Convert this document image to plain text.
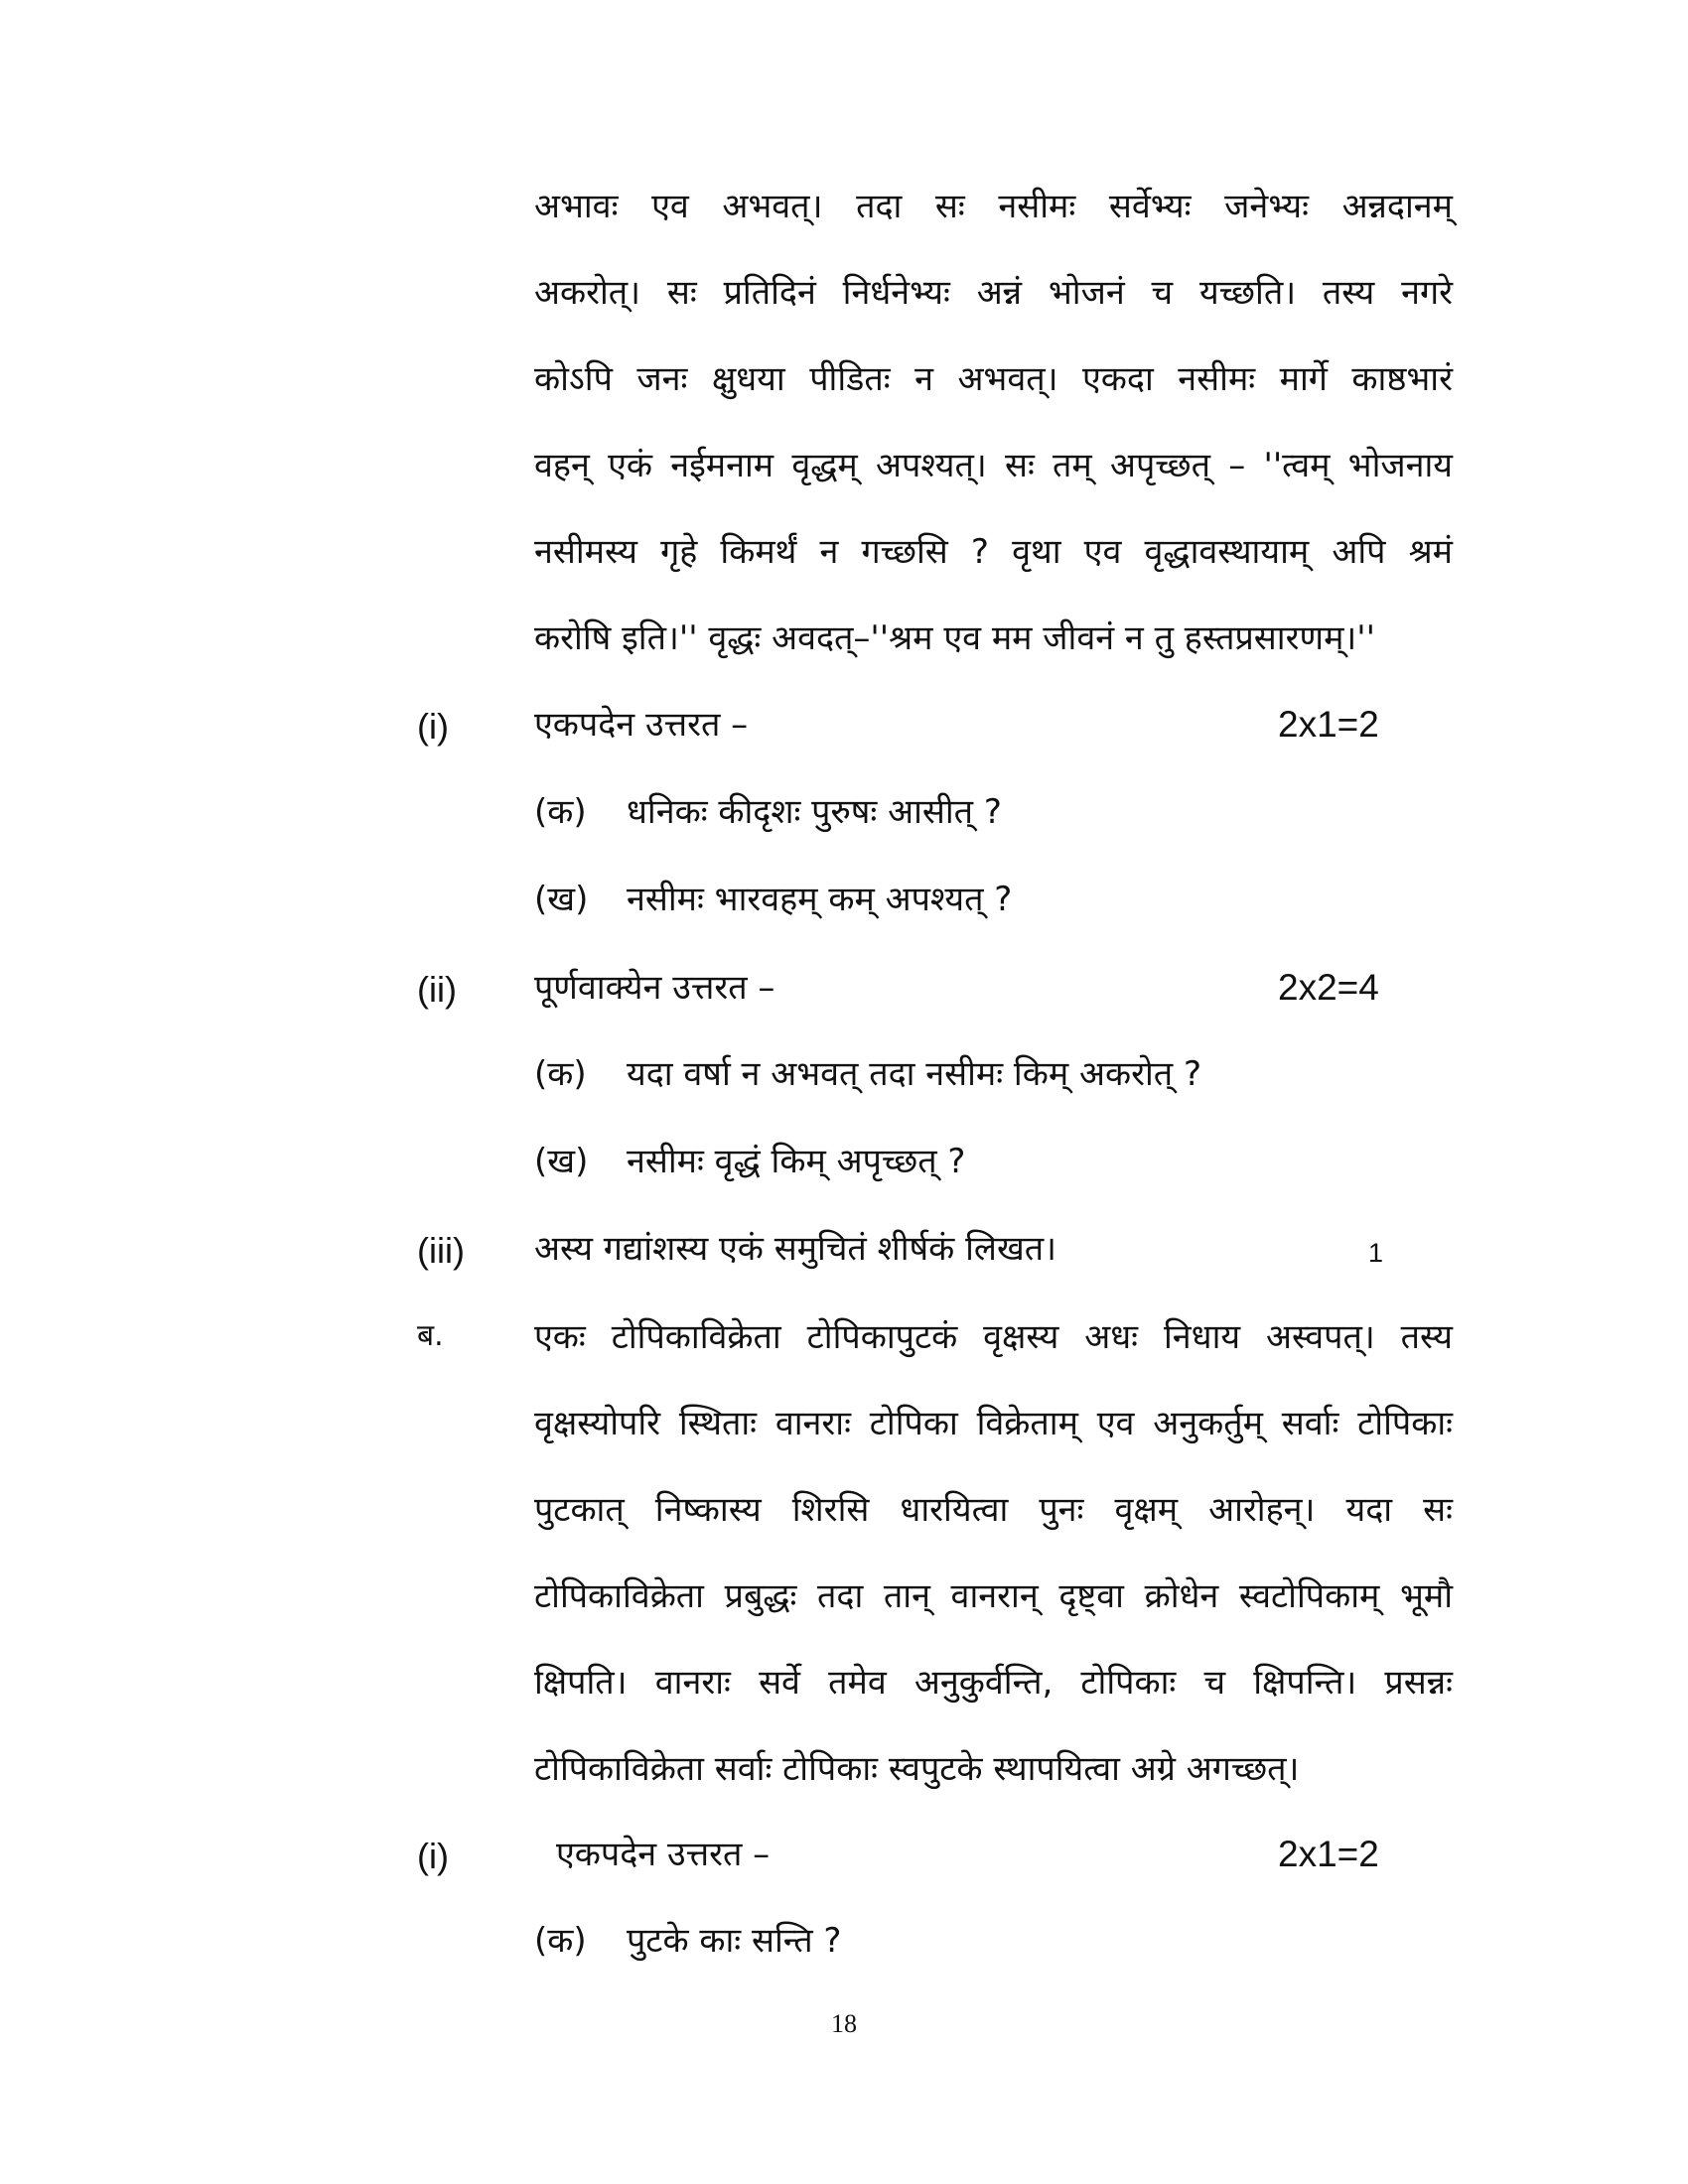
अभावः एव अभवत्। तदा सः नसीमः सर्वेभ्यः जनेभ्यः अन्नदानम्
अकरोत्। सः प्रतिदिनं निर्धनेभ्यः अन्नं भोजनं च यच्छति। तस्य नगरे
कोऽपि जनः क्षुधया पीडितः न अभवत्। एकदा नसीमः मार्गे काष्ठभारं
वहन् एकं नईमनाम वृद्धम् अपश्यत्। सः तम् अपृच्छत् – ''त्वम् भोजनाय
नसीमस्य गृहे किमर्थं न गच्छसि ? वृथा एव वृद्धावस्थायाम् अपि श्रमं
करोषि इति।'' वृद्धः अवदत्–''श्रम एव मम जीवनं न तु हस्तप्रसारणम्।''
(i)	एकपदेन उत्तरत –	2x1=2
(क) धनिकः कीदृशः पुरुषः आसीत् ?
(ख) नसीमः भारवहम् कम् अपश्यत् ?
(ii) पूर्णवाक्येन उत्तरत –	2x2=4
(क) यदा वर्षा न अभवत् तदा नसीमः किम् अकरोत् ?
(ख) नसीमः वृद्धं किम् अपृच्छत् ?
(iii) अस्य गद्यांशस्य एकं समुचितं शीर्षकं लिखत।	1
ब.	एकः टोपिकाविक्रेता टोपिकापुटकं वृक्षस्य अधः निधाय अस्वपत्। तस्य
वृक्षस्योपरि स्थिताः वानराः टोपिका विक्रेताम् एव अनुकर्तुम् सर्वाः टोपिकाः
पुटकात् निष्कास्य शिरसि धारयित्वा पुनः वृक्षम् आरोहन्। यदा सः
टोपिकाविक्रेता प्रबुद्धः तदा तान् वानरान् दृष्ट्वा क्रोधेन स्वटोपिकाम् भूमौ
क्षिपति। वानराः सर्वे तमेव अनुकुर्वन्ति, टोपिकाः च क्षिपन्ति। प्रसन्नः
टोपिकाविक्रेता सर्वाः टोपिकाः स्वपुटके स्थापयित्वा अग्रे अगच्छत्।
(i)	एकपदेन उत्तरत –	2x1=2
(क) पुटके काः सन्ति ?
18
